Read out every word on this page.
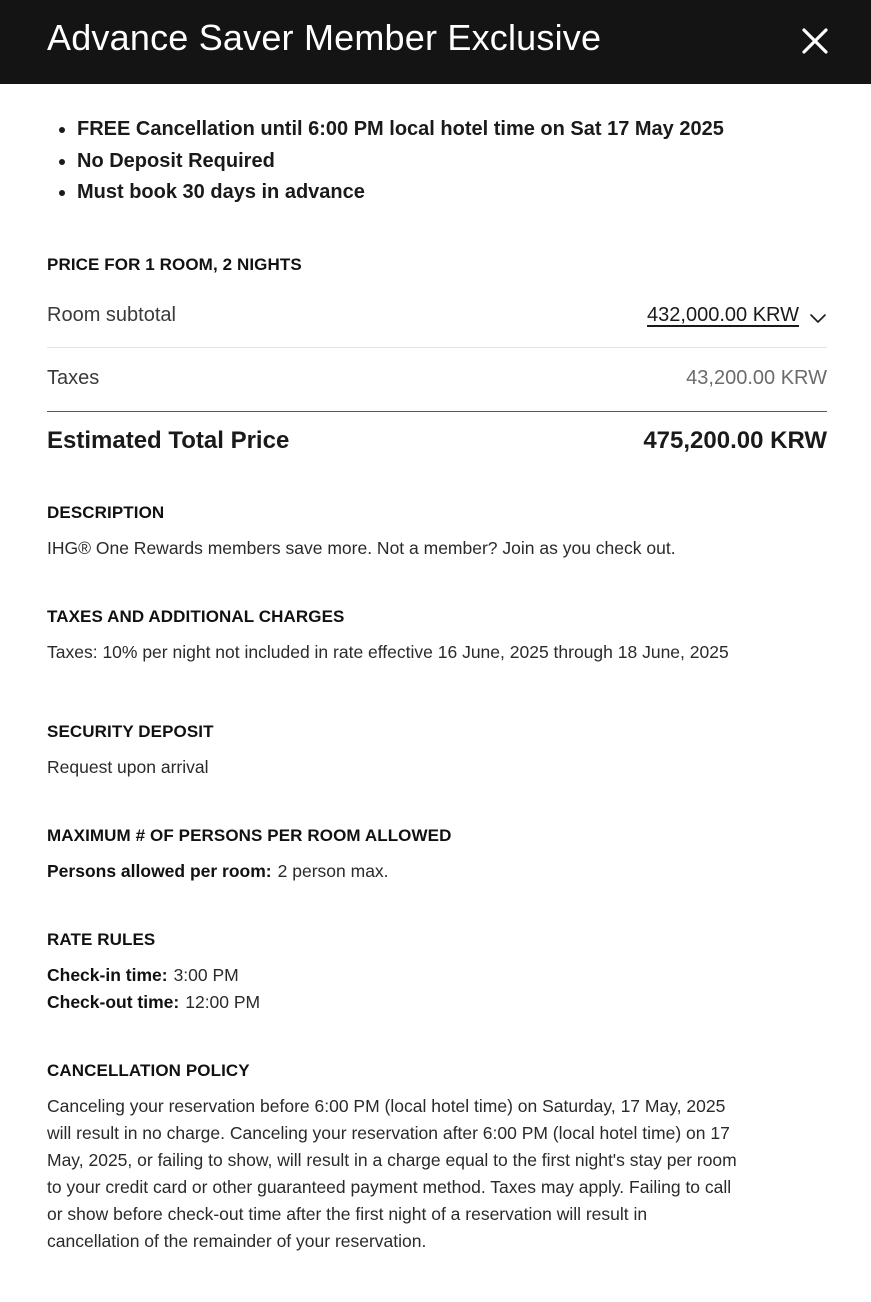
Advance Saver Member Exclusive
FREE Cancellation until 6:00 PM local hotel time on Sat 17 May 2025
No Deposit Required
Must book 30 days in advance
PRICE FOR 1 ROOM, 2 NIGHTS
Room subtotal	432,000.00 KRW
Taxes	43,200.00 KRW
Estimated Total Price	475,200.00 KRW
DESCRIPTION
IHG® One Rewards members save more. Not a member? Join as you check out.
TAXES AND ADDITIONAL CHARGES
Taxes: 10% per night not included in rate effective 16 June, 2025 through 18 June, 2025
SECURITY DEPOSIT
Request upon arrival
MAXIMUM # OF PERSONS PER ROOM ALLOWED
Persons allowed per room: 2 person max.
RATE RULES
Check-in time: 3:00 PM
Check-out time: 12:00 PM
CANCELLATION POLICY
Canceling your reservation before 6:00 PM (local hotel time) on Saturday, 17 May, 2025
will result in no charge. Canceling your reservation after 6:00 PM (local hotel time) on 17
May, 2025, or failing to show, will result in a charge equal to the first night's stay per room
to your credit card or other guaranteed payment method. Taxes may apply. Failing to call
or show before check-out time after the first night of a reservation will result in
cancellation of the remainder of your reservation.
